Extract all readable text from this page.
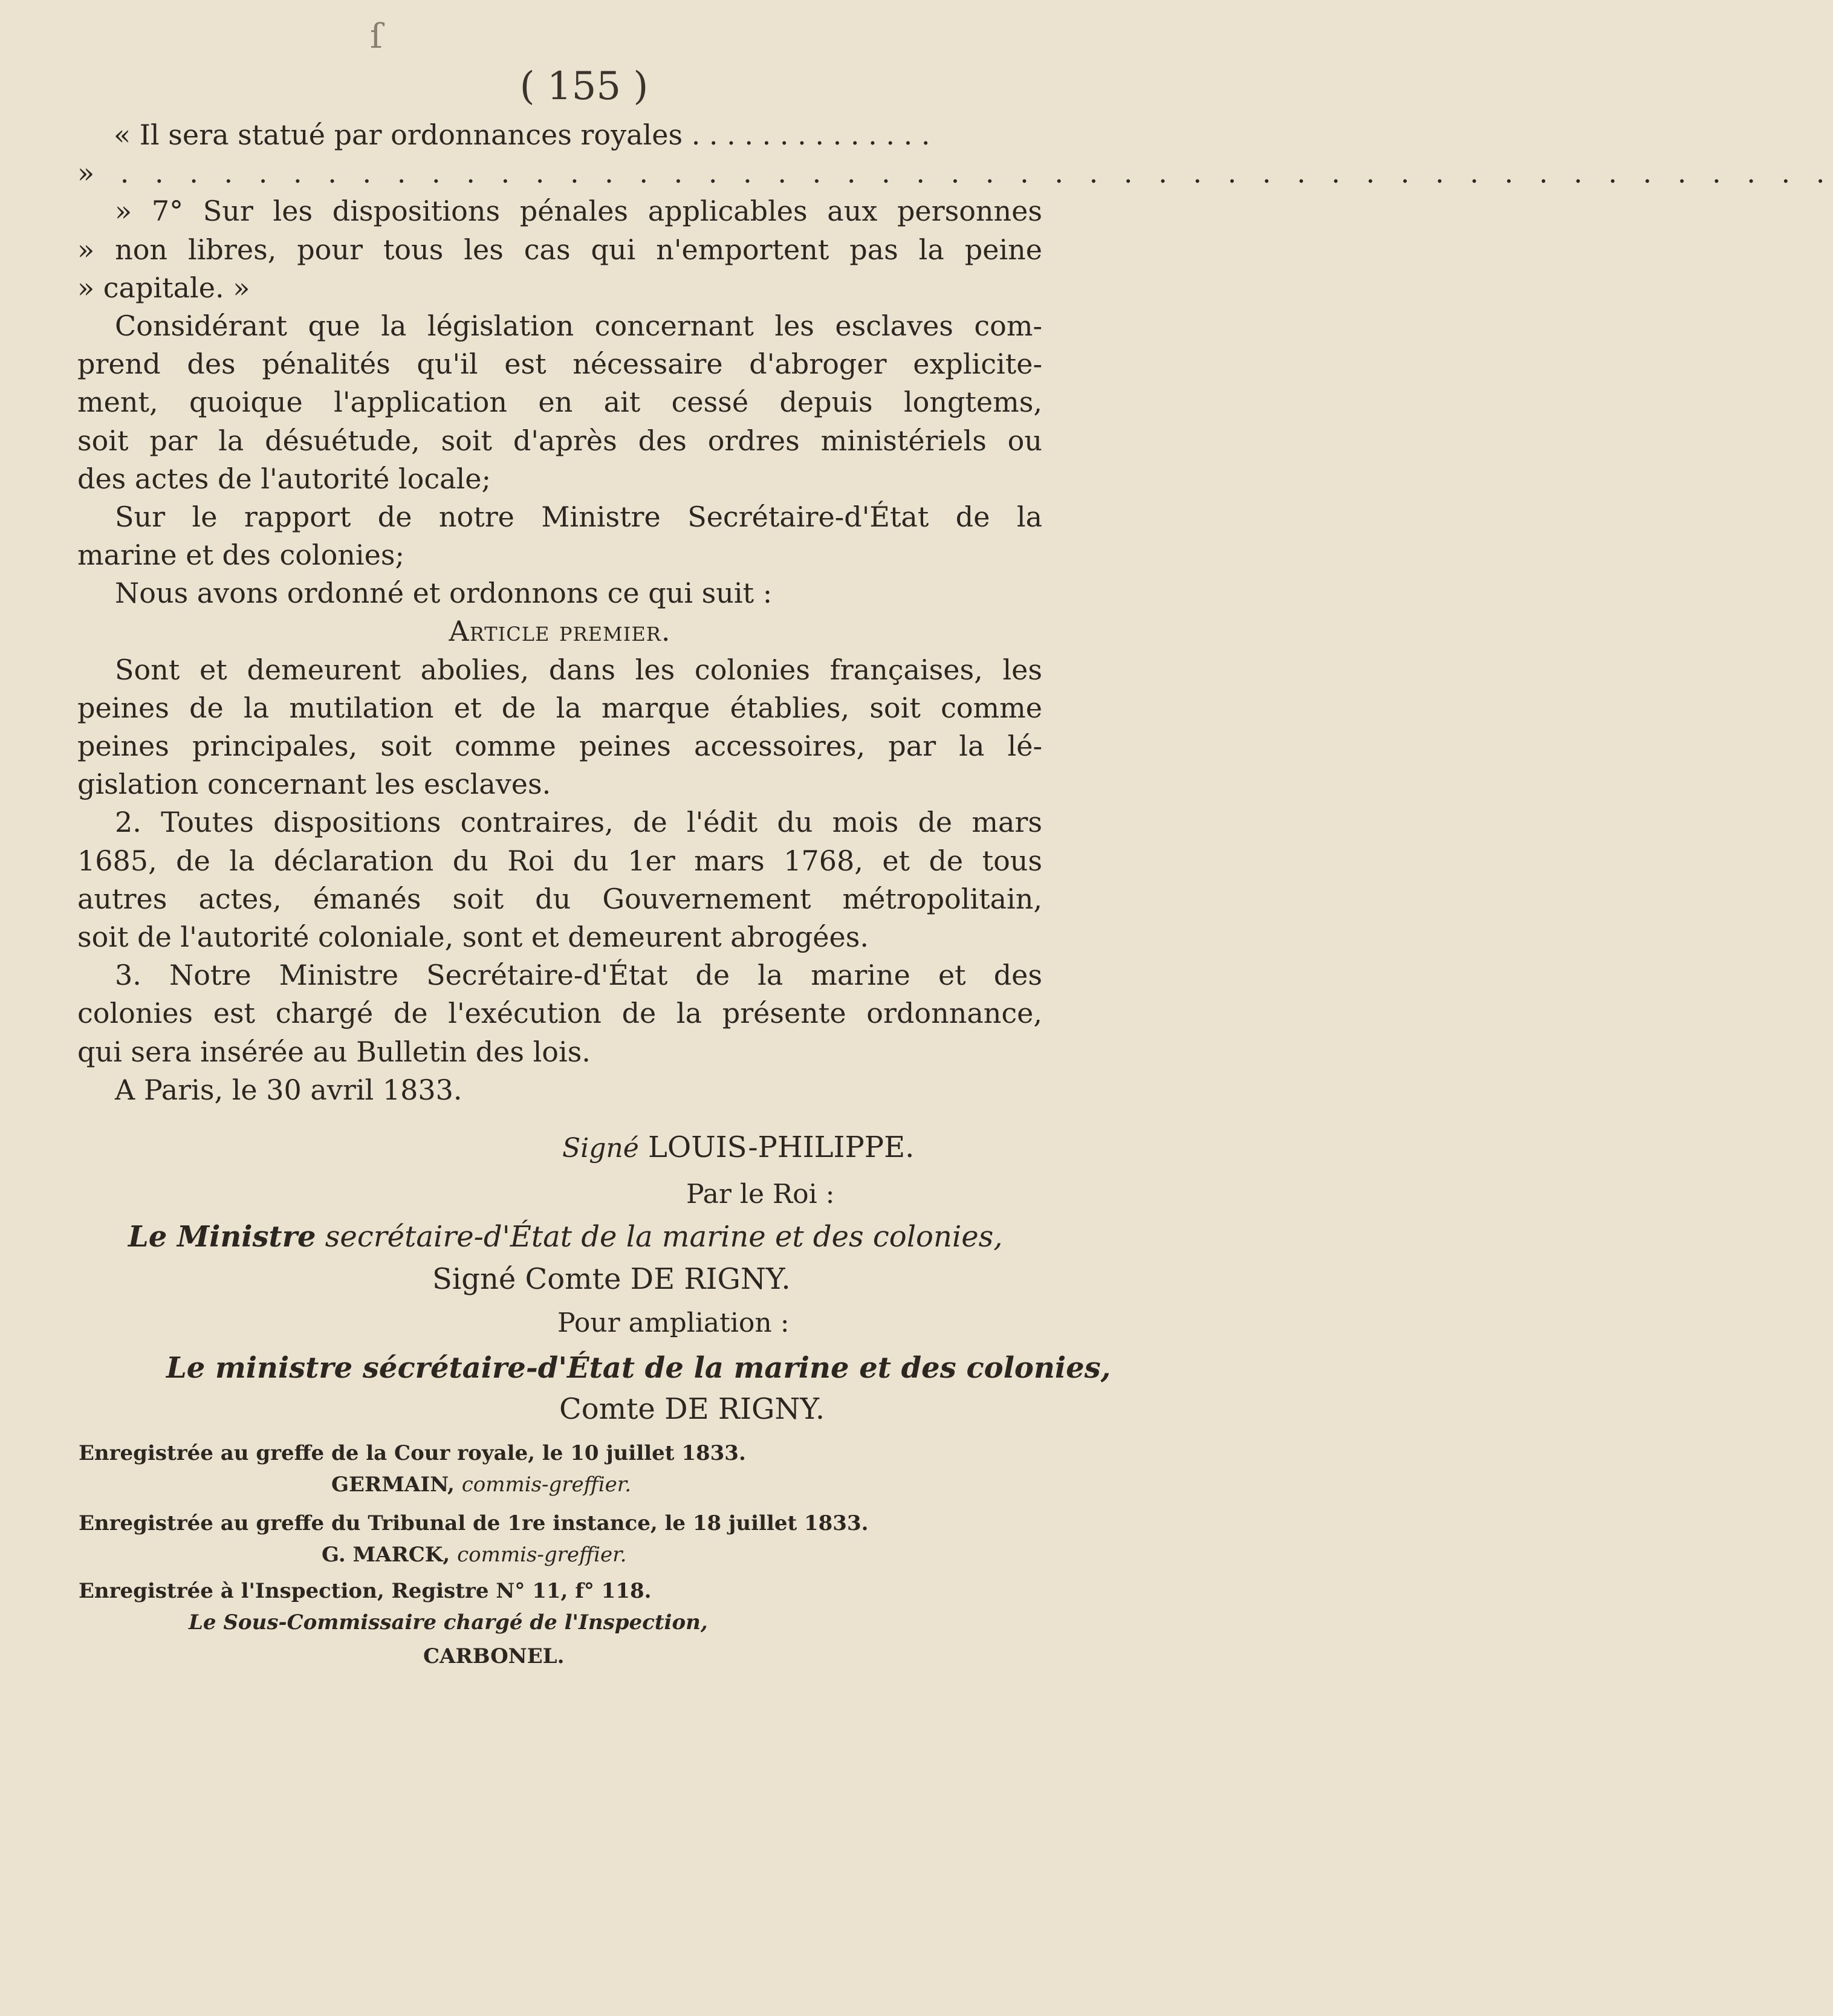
ſ
( 155 )
« Il sera statué par ordonnances royales . . . . . . . . . . . . . .
» . . . . . . . . . . . . . . . . . . . . . . . . . . . . . . . . . . . . . . . . . . . . . . . . . .
» 7° Sur les dispositions pénales applicables aux personnes
» non libres, pour tous les cas qui n'emportent pas la peine
» capitale. »
Considérant que la législation concernant les esclaves com-
prend des pénalités qu'il est nécessaire d'abroger explicite-
ment, quoique l'application en ait cessé depuis longtems,
soit par la désuétude, soit d'après des ordres ministériels ou
des actes de l'autorité locale;
Sur le rapport de notre Ministre Secrétaire-d'État de la
marine et des colonies;
Nous avons ordonné et ordonnons ce qui suit :
Article premier.
Sont et demeurent abolies, dans les colonies françaises, les
peines de la mutilation et de la marque établies, soit comme
peines principales, soit comme peines accessoires, par la lé-
gislation concernant les esclaves.
2. Toutes dispositions contraires, de l'édit du mois de mars
1685, de la déclaration du Roi du 1er mars 1768, et de tous
autres actes, émanés soit du Gouvernement métropolitain,
soit de l'autorité coloniale, sont et demeurent abrogées.
3. Notre Ministre Secrétaire-d'État de la marine et des
colonies est chargé de l'exécution de la présente ordonnance,
qui sera insérée au Bulletin des lois.
A Paris, le 30 avril 1833.
Signé LOUIS-PHILIPPE.
Par le Roi :
Le Ministre secrétaire-d'État de la marine et des colonies,
Signé Comte DE RIGNY.
Pour ampliation :
Le ministre sécrétaire-d'État de la marine et des colonies,
Comte DE RIGNY.
Enregistrée au greffe de la Cour royale, le 10 juillet 1833.
GERMAIN, commis-greffier.
Enregistrée au greffe du Tribunal de 1re instance, le 18 juillet 1833.
G. MARCK, commis-greffier.
Enregistrée à l'Inspection, Registre N° 11, f° 118.
Le Sous-Commissaire chargé de l'Inspection,
CARBONEL.
